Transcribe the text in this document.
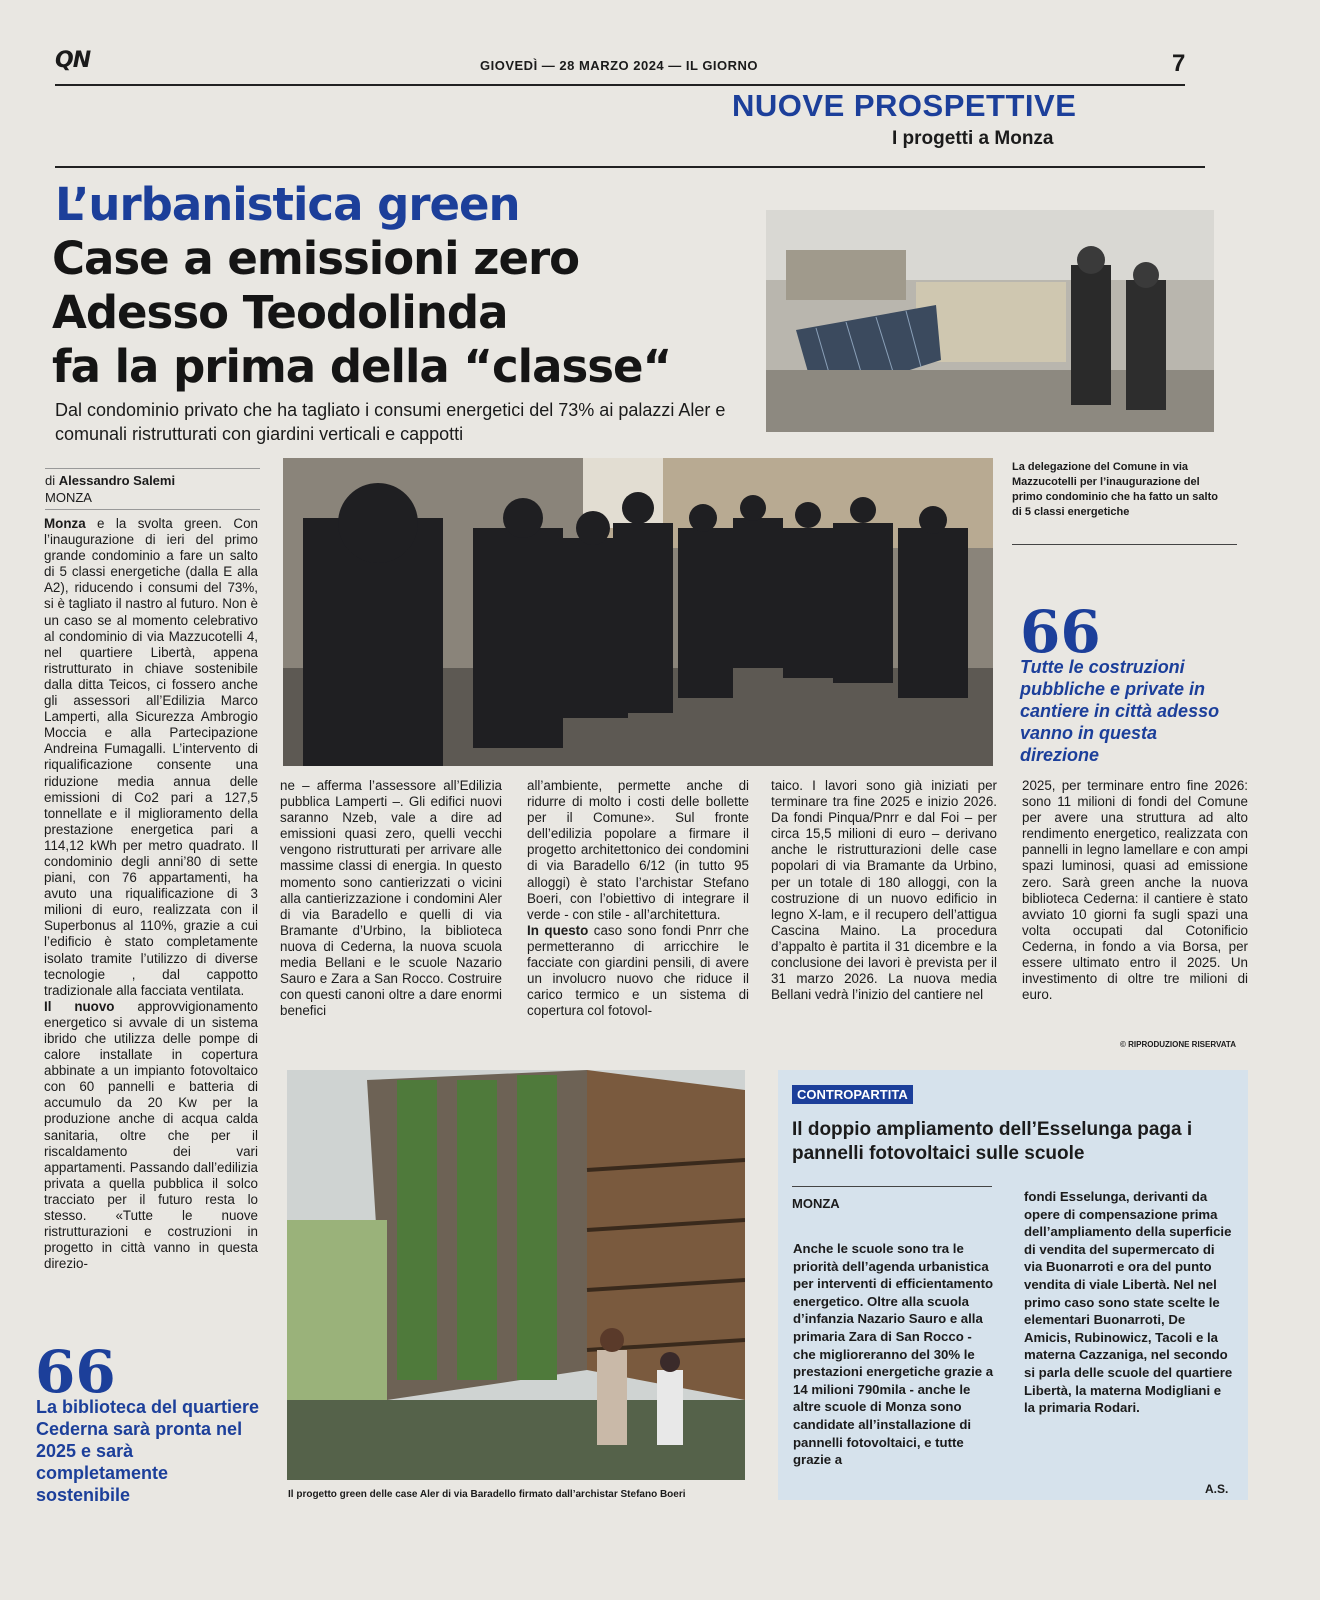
QN	GIOVEDÌ — 28 MARZO 2024 — IL GIORNO	7
NUOVE PROSPETTIVE
I progetti a Monza
L’urbanistica green
Case a emissioni zero
Adesso Teodolinda
fa la prima della “classe“
Dal condominio privato che ha tagliato i consumi energetici del 73% ai palazzi Aler e comunali ristrutturati con giardini verticali e cappotti
di Alessandro Salemi
MONZA
La delegazione del Comune in via Mazzucotelli per l’inaugurazione del primo condominio che ha fatto un salto di 5 classi energetiche
66
Tutte le costruzioni pubbliche e private in cantiere in città adesso vanno in questa direzione
Monza e la svolta green. Con l’inaugurazione di ieri del primo grande condominio a fare un salto di 5 classi energetiche (dalla E alla A2), riducendo i consumi del 73%, si è tagliato il nastro al futuro. Non è un caso se al momento celebrativo al condominio di via Mazzucotelli 4, nel quartiere Libertà, appena ristrutturato in chiave sostenibile dalla ditta Teicos, ci fossero anche gli assessori all’Edilizia Marco Lamperti, alla Sicurezza Ambrogio Moccia e alla Partecipazione Andreina Fumagalli. L’intervento di riqualificazione consente una riduzione media annua delle emissioni di Co2 pari a 127,5 tonnellate e il miglioramento della prestazione energetica pari a 114,12 kWh per metro quadrato. Il condominio degli anni’80 di sette piani, con 76 appartamenti, ha avuto una riqualificazione di 3 milioni di euro, realizzata con il Superbonus al 110%, grazie a cui l’edificio è stato completamente isolato tramite l’utilizzo di diverse tecnologie , dal cappotto tradizionale alla facciata ventilata.
Il nuovo approvvigionamento energetico si avvale di un sistema ibrido che utilizza delle pompe di calore installate in copertura abbinate a un impianto fotovoltaico con 60 pannelli e batteria di accumulo da 20 Kw per la produzione anche di acqua calda sanitaria, oltre che per il riscaldamento dei vari appartamenti. Passando dall’edilizia privata a quella pubblica il solco tracciato per il futuro resta lo stesso. «Tutte le nuove ristrutturazioni e costruzioni in progetto in città vanno in questa direzio-
ne – afferma l’assessore all’Edilizia pubblica Lamperti –. Gli edifici nuovi saranno Nzeb, vale a dire ad emissioni quasi zero, quelli vecchi vengono ristrutturati per arrivare alle massime classi di energia. In questo momento sono cantierizzati o vicini alla cantierizzazione i condomini Aler di via Baradello e quelli di via Bramante d’Urbino, la biblioteca nuova di Cederna, la nuova scuola media Bellani e le scuole Nazario Sauro e Zara a San Rocco. Costruire con questi canoni oltre a dare enormi benefici
all’ambiente, permette anche di ridurre di molto i costi delle bollette per il Comune». Sul fronte dell’edilizia popolare a firmare il progetto architettonico dei condomini di via Baradello 6/12 (in tutto 95 alloggi) è stato l’archistar Stefano Boeri, con l’obiettivo di integrare il verde - con stile - all’architettura.
In questo caso sono fondi Pnrr che permetteranno di arricchire le facciate con giardini pensili, di avere un involucro nuovo che riduce il carico termico e un sistema di copertura col fotovol-
taico. I lavori sono già iniziati per terminare tra fine 2025 e inizio 2026. Da fondi Pinqua/Pnrr e dal Foi – per circa 15,5 milioni di euro – derivano anche le ristrutturazioni delle case popolari di via Bramante da Urbino, per un totale di 180 alloggi, con la costruzione di un nuovo edificio in legno X-lam, e il recupero dell’attigua Cascina Maino. La procedura d’appalto è partita il 31 dicembre e la conclusione dei lavori è prevista per il 31 marzo 2026. La nuova media Bellani vedrà l’inizio del cantiere nel
2025, per terminare entro fine 2026: sono 11 milioni di fondi del Comune per avere una struttura ad alto rendimento energetico, realizzata con pannelli in legno lamellare e con ampi spazi luminosi, quasi ad emissione zero. Sarà green anche la nuova biblioteca Cederna: il cantiere è stato avviato 10 giorni fa sugli spazi una volta occupati dal Cotonificio Cederna, in fondo a via Borsa, per essere ultimato entro il 2025. Un investimento di oltre tre milioni di euro.
© RIPRODUZIONE RISERVATA
Il progetto green delle case Aler di via Baradello firmato dall’archistar Stefano Boeri
66
La biblioteca del quartiere Cederna sarà pronta nel 2025 e sarà completamente sostenibile
CONTROPARTITA
Il doppio ampliamento dell’Esselunga paga i pannelli fotovoltaici sulle scuole
MONZA
Anche le scuole sono tra le priorità dell’agenda urbanistica per interventi di efficientamento energetico. Oltre alla scuola d’infanzia Nazario Sauro e alla primaria Zara di San Rocco - che miglioreranno del 30% le prestazioni energetiche grazie a 14 milioni 790mila - anche le altre scuole di Monza sono candidate all’installazione di pannelli fotovoltaici, e tutte grazie a
fondi Esselunga, derivanti da opere di compensazione prima dell’ampliamento della superficie di vendita del supermercato di via Buonarroti e ora del punto vendita di viale Libertà. Nel nel primo caso sono state scelte le elementari Buonarroti, De Amicis, Rubinowicz, Tacoli e la materna Cazzaniga, nel secondo si parla delle scuole del quartiere Libertà, la materna Modigliani e la primaria Rodari.
A.S.
